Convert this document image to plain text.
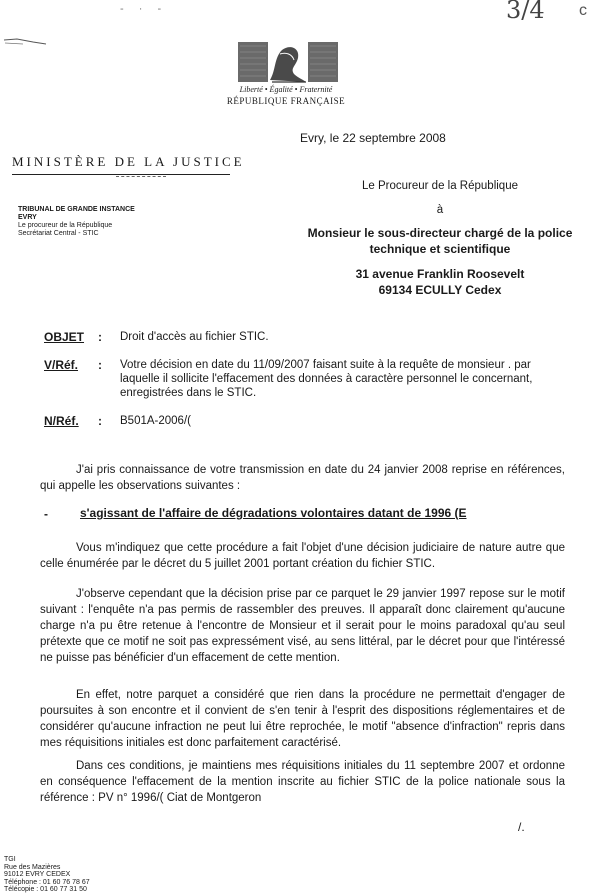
3/4 c
- · -
Liberté • Égalité • Fraternité
RÉPUBLIQUE FRANÇAISE
Evry, le 22 septembre 2008
MINISTÈRE DE LA JUSTICE
TRIBUNAL DE GRANDE INSTANCE
EVRY
Le procureur de la République
Secrétariat Central - STIC
Le Procureur de la République
à
Monsieur le sous-directeur chargé de la police
technique et scientifique
31 avenue Franklin Roosevelt
69134 ECULLY Cedex
OBJET : Droit d'accès au fichier STIC.
V/Réf. : Votre décision en date du 11/09/2007 faisant suite à la requête de monsieur . par laquelle il sollicite l'effacement des données à caractère personnel le concernant, enregistrées dans le STIC.
N/Réf. : B501A-2006/(
J'ai pris connaissance de votre transmission en date du 24 janvier 2008 reprise en références, qui appelle les observations suivantes :
-	s'agissant de l'affaire de dégradations volontaires datant de 1996 (E
Vous m'indiquez que cette procédure a fait l'objet d'une décision judiciaire de nature autre que celle énumérée par le décret du 5 juillet 2001 portant création du fichier STIC.
J'observe cependant que la décision prise par ce parquet le 29 janvier 1997 repose sur le motif suivant : l'enquête n'a pas permis de rassembler des preuves. Il apparaît donc clairement qu'aucune charge n'a pu être retenue à l'encontre de Monsieur et il serait pour le moins paradoxal qu'au seul prétexte que ce motif ne soit pas expressément visé, au sens littéral, par le décret pour que l'intéressé ne puisse pas bénéficier d'un effacement de cette mention.
En effet, notre parquet a considéré que rien dans la procédure ne permettait d'engager de poursuites à son encontre et il convient de s'en tenir à l'esprit des dispositions réglementaires et de considérer qu'aucune infraction ne peut lui être reprochée, le motif "absence d'infraction" repris dans mes réquisitions initiales est donc parfaitement caractérisé.
Dans ces conditions, je maintiens mes réquisitions initiales du 11 septembre 2007 et ordonne en conséquence l'effacement de la mention inscrite au fichier STIC de la police nationale sous la référence : PV n° 1996/( Ciat de Montgeron
/.
TGI
Rue des Mazières
91012 EVRY CEDEX
Téléphone : 01 60 76 78 67
Télécopie : 01 60 77 31 50
